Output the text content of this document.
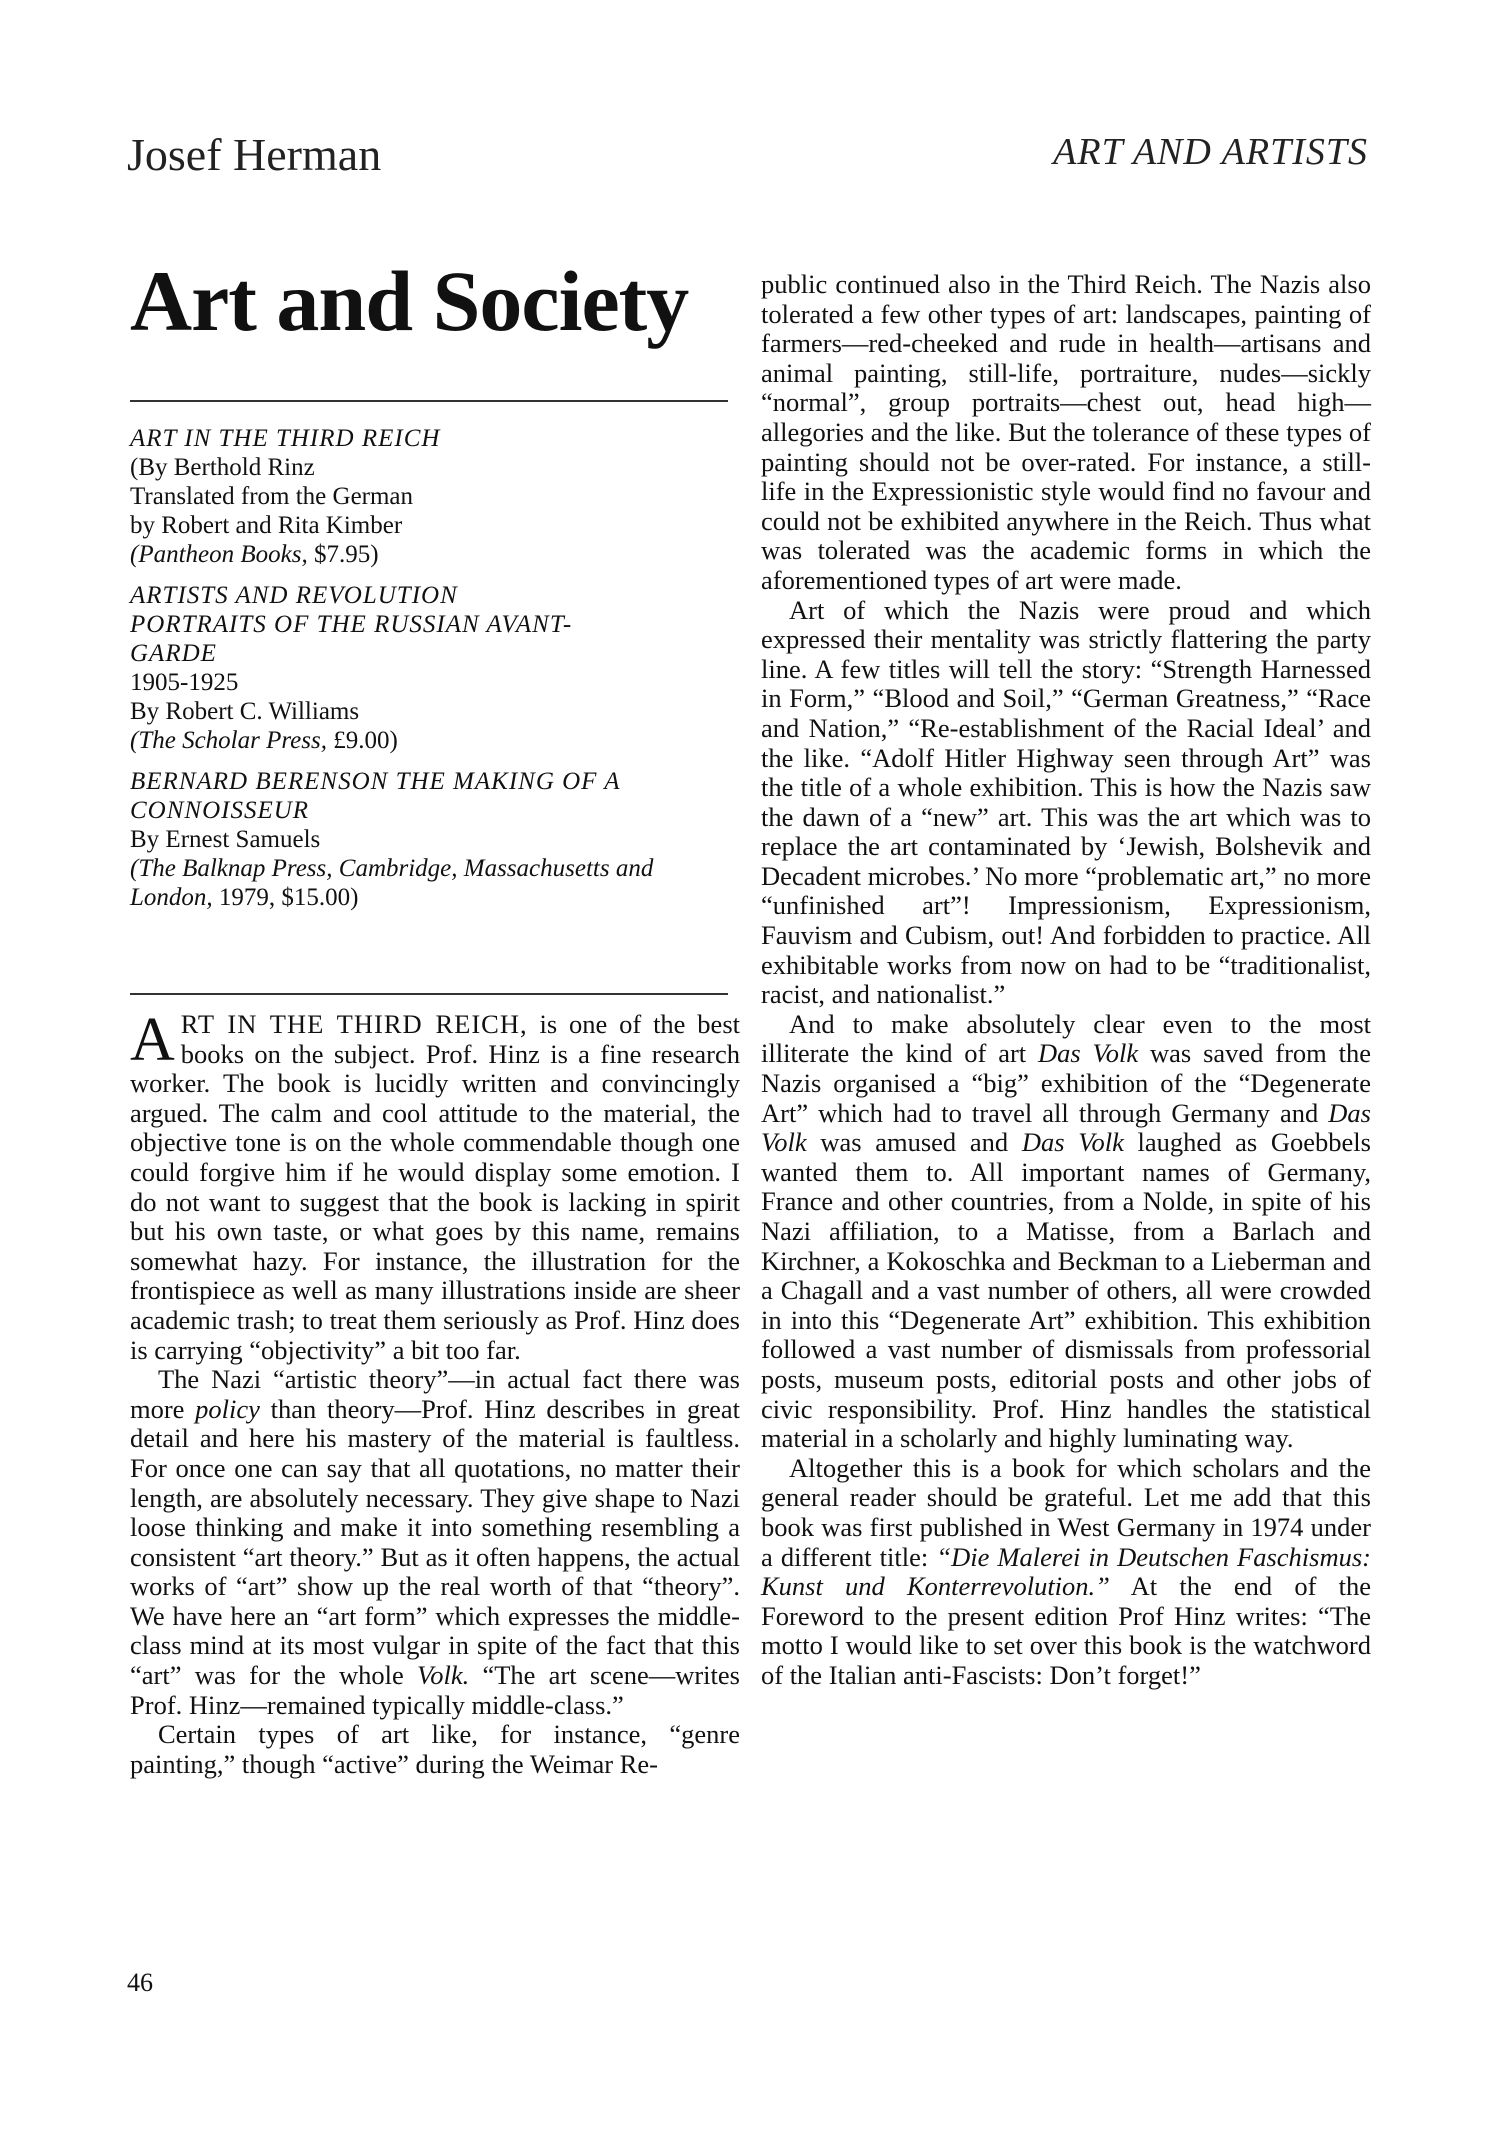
Josef Herman	ART AND ARTISTS
Art and Society
ART IN THE THIRD REICH
(By Berthold Rinz
Translated from the German
by Robert and Rita Kimber
(Pantheon Books, $7.95)
ARTISTS AND REVOLUTION PORTRAITS OF THE RUSSIAN AVANT-GARDE
1905-1925
By Robert C. Williams
(The Scholar Press, £9.00)
BERNARD BERENSON THE MAKING OF A CONNOISSEUR
By Ernest Samuels
(The Balknap Press, Cambridge, Massachusetts and London, 1979, $15.00)

ART IN THE THIRD REICH, is one of the best books on the subject. Prof. Hinz is a fine research worker. The book is lucidly written and convincingly argued. The calm and cool attitude to the material, the objective tone is on the whole commendable though one could forgive him if he would display some emotion. I do not want to suggest that the book is lacking in spirit but his own taste, or what goes by this name, remains somewhat hazy. For instance, the illustration for the frontispiece as well as many illustrations inside are sheer academic trash; to treat them seriously as Prof. Hinz does is carrying “objectivity” a bit too far.

The Nazi “artistic theory”—in actual fact there was more policy than theory—Prof. Hinz describes in great detail and here his mastery of the material is faultless. For once one can say that all quotations, no matter their length, are absolutely necessary. They give shape to Nazi loose thinking and make it into something resembling a consistent “art theory.” But as it often happens, the actual works of “art” show up the real worth of that “theory”. We have here an “art form” which expresses the middle-class mind at its most vulgar in spite of the fact that this “art” was for the whole Volk. “The art scene—writes Prof. Hinz—remained typically middle-class.”

Certain types of art like, for instance, “genre painting,” though “active” during the Weimar Re-

public continued also in the Third Reich. The Nazis also tolerated a few other types of art: landscapes, painting of farmers—red-cheeked and rude in health—artisans and animal painting, still-life, portraiture, nudes—sickly “normal”, group portraits—chest out, head high—allegories and the like. But the tolerance of these types of painting should not be over-rated. For instance, a still-life in the Expressionistic style would find no favour and could not be exhibited anywhere in the Reich. Thus what was tolerated was the academic forms in which the aforementioned types of art were made.

Art of which the Nazis were proud and which expressed their mentality was strictly flattering the party line. A few titles will tell the story: “Strength Harnessed in Form,” “Blood and Soil,” “German Greatness,” “Race and Nation,” “Re-establishment of the Racial Ideal’ and the like. “Adolf Hitler Highway seen through Art” was the title of a whole exhibition. This is how the Nazis saw the dawn of a “new” art. This was the art which was to replace the art contaminated by ‘Jewish, Bolshevik and Decadent microbes.’ No more “problematic art,” no more “unfinished art”! Impressionism, Expressionism, Fauvism and Cubism, out! And forbidden to practice. All exhibitable works from now on had to be “traditionalist, racist, and nationalist.”

And to make absolutely clear even to the most illiterate the kind of art Das Volk was saved from the Nazis organised a “big” exhibition of the “Degenerate Art” which had to travel all through Germany and Das Volk was amused and Das Volk laughed as Goebbels wanted them to. All important names of Germany, France and other countries, from a Nolde, in spite of his Nazi affiliation, to a Matisse, from a Barlach and Kirchner, a Kokoschka and Beckman to a Lieberman and a Chagall and a vast number of others, all were crowded in into this “Degenerate Art” exhibition. This exhibition followed a vast number of dismissals from professorial posts, museum posts, editorial posts and other jobs of civic responsibility. Prof. Hinz handles the statistical material in a scholarly and highly luminating way.

Altogether this is a book for which scholars and the general reader should be grateful. Let me add that this book was first published in West Germany in 1974 under a different title: “Die Malerei in Deutschen Faschismus: Kunst und Konterrevolution.” At the end of the Foreword to the present edition Prof Hinz writes: “The motto I would like to set over this book is the watchword of the Italian anti-Fascists: Don’t forget!”

46
